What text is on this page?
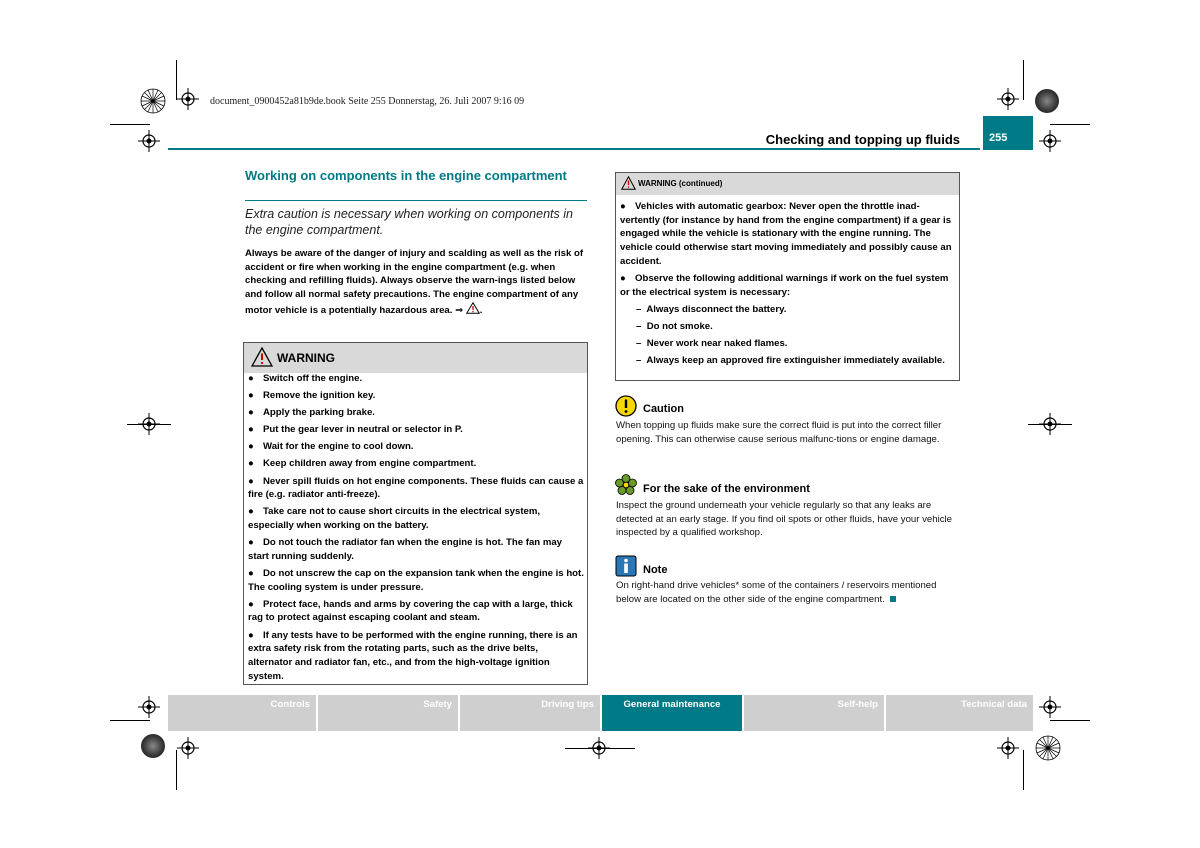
document_0900452a81b9de.book Seite 255 Donnerstag, 26. Juli 2007 9:16 09
Checking and topping up fluids	255
Working on components in the engine compartment
Extra caution is necessary when working on components in the engine compartment.
Always be aware of the danger of injury and scalding as well as the risk of accident or fire when working in the engine compartment (e.g. when checking and refilling fluids). Always observe the warn-ings listed below and follow all normal safety precautions. The engine compartment of any motor vehicle is a potentially hazardous area. ⇒ .
WARNING
● Switch off the engine.
● Remove the ignition key.
● Apply the parking brake.
● Put the gear lever in neutral or selector in P.
● Wait for the engine to cool down.
● Keep children away from engine compartment.
● Never spill fluids on hot engine components. These fluids can cause a fire (e.g. radiator anti-freeze).
● Take care not to cause short circuits in the electrical system, especially when working on the battery.
● Do not touch the radiator fan when the engine is hot. The fan may start running suddenly.
● Do not unscrew the cap on the expansion tank when the engine is hot. The cooling system is under pressure.
● Protect face, hands and arms by covering the cap with a large, thick rag to protect against escaping coolant and steam.
● If any tests have to be performed with the engine running, there is an extra safety risk from the rotating parts, such as the drive belts, alternator and radiator fan, etc., and from the high-voltage ignition system.
WARNING (continued)
● Vehicles with automatic gearbox: Never open the throttle inad-vertently (for instance by hand from the engine compartment) if a gear is engaged while the vehicle is stationary with the engine running. The vehicle could otherwise start moving immediately and possibly cause an accident.
● Observe the following additional warnings if work on the fuel system or the electrical system is necessary:
– Always disconnect the battery.
– Do not smoke.
– Never work near naked flames.
– Always keep an approved fire extinguisher immediately available.
Caution
When topping up fluids make sure the correct fluid is put into the correct filler opening. This can otherwise cause serious malfunc-tions or engine damage.
For the sake of the environment
Inspect the ground underneath your vehicle regularly so that any leaks are detected at an early stage. If you find oil spots or other fluids, have your vehicle inspected by a qualified workshop.
Note
On right-hand drive vehicles* some of the containers / reservoirs mentioned below are located on the other side of the engine compartment.
Controls	Safety	Driving tips	General maintenance	Self-help	Technical data
